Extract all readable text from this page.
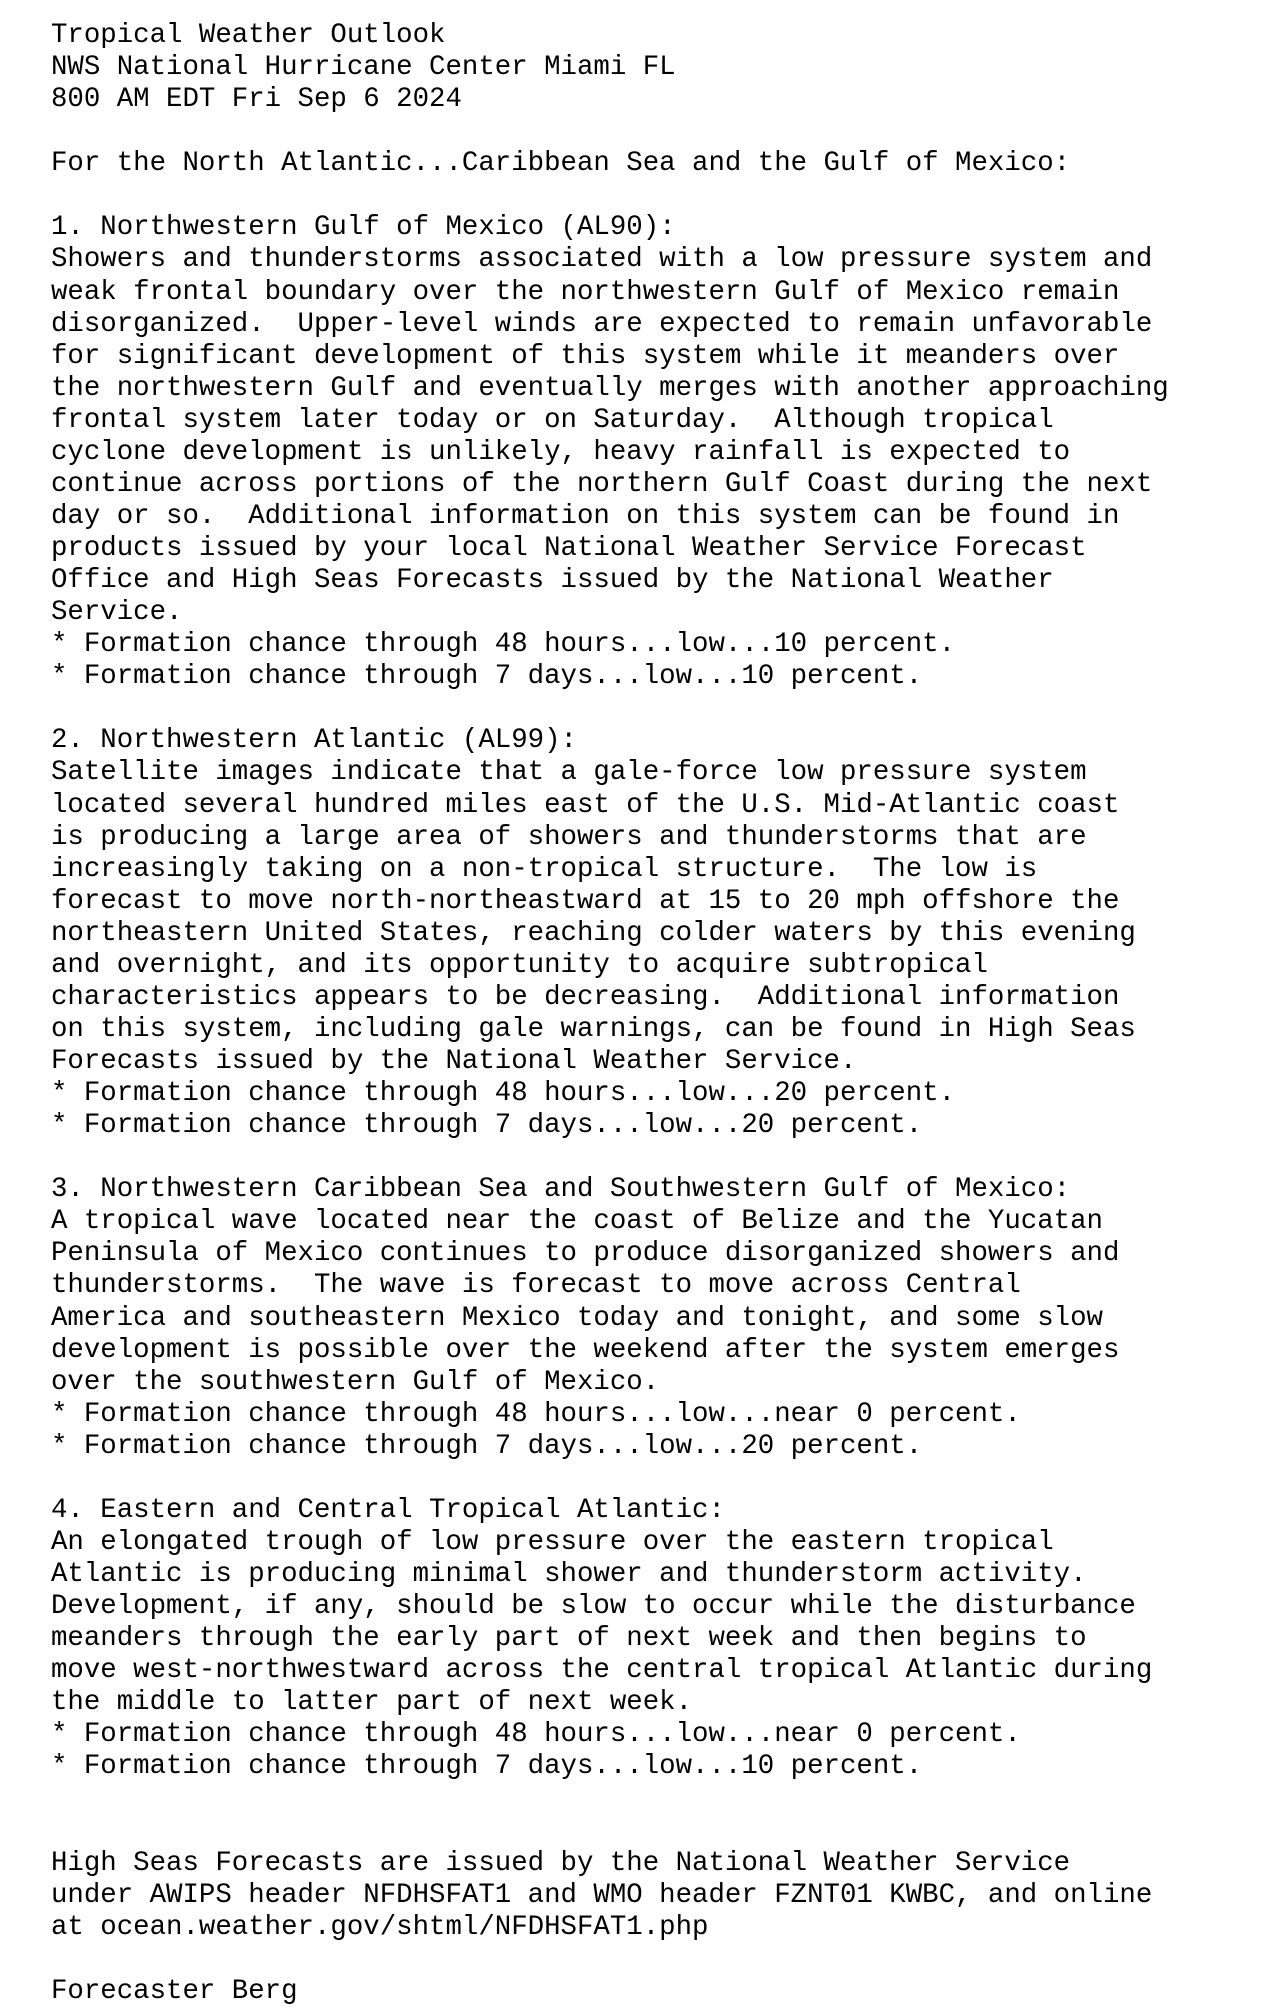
Tropical Weather Outlook
NWS National Hurricane Center Miami FL
800 AM EDT Fri Sep 6 2024
For the North Atlantic...Caribbean Sea and the Gulf of Mexico:
1. Northwestern Gulf of Mexico (AL90):
Showers and thunderstorms associated with a low pressure system and
weak frontal boundary over the northwestern Gulf of Mexico remain
disorganized.  Upper-level winds are expected to remain unfavorable
for significant development of this system while it meanders over
the northwestern Gulf and eventually merges with another approaching
frontal system later today or on Saturday.  Although tropical
cyclone development is unlikely, heavy rainfall is expected to
continue across portions of the northern Gulf Coast during the next
day or so.  Additional information on this system can be found in
products issued by your local National Weather Service Forecast
Office and High Seas Forecasts issued by the National Weather
Service.
* Formation chance through 48 hours...low...10 percent.
* Formation chance through 7 days...low...10 percent.
2. Northwestern Atlantic (AL99):
Satellite images indicate that a gale-force low pressure system
located several hundred miles east of the U.S. Mid-Atlantic coast
is producing a large area of showers and thunderstorms that are
increasingly taking on a non-tropical structure.  The low is
forecast to move north-northeastward at 15 to 20 mph offshore the
northeastern United States, reaching colder waters by this evening
and overnight, and its opportunity to acquire subtropical
characteristics appears to be decreasing.  Additional information
on this system, including gale warnings, can be found in High Seas
Forecasts issued by the National Weather Service.
* Formation chance through 48 hours...low...20 percent.
* Formation chance through 7 days...low...20 percent.
3. Northwestern Caribbean Sea and Southwestern Gulf of Mexico:
A tropical wave located near the coast of Belize and the Yucatan
Peninsula of Mexico continues to produce disorganized showers and
thunderstorms.  The wave is forecast to move across Central
America and southeastern Mexico today and tonight, and some slow
development is possible over the weekend after the system emerges
over the southwestern Gulf of Mexico.
* Formation chance through 48 hours...low...near 0 percent.
* Formation chance through 7 days...low...20 percent.
4. Eastern and Central Tropical Atlantic:
An elongated trough of low pressure over the eastern tropical
Atlantic is producing minimal shower and thunderstorm activity.
Development, if any, should be slow to occur while the disturbance
meanders through the early part of next week and then begins to
move west-northwestward across the central tropical Atlantic during
the middle to latter part of next week.
* Formation chance through 48 hours...low...near 0 percent.
* Formation chance through 7 days...low...10 percent.
High Seas Forecasts are issued by the National Weather Service
under AWIPS header NFDHSFAT1 and WMO header FZNT01 KWBC, and online
at ocean.weather.gov/shtml/NFDHSFAT1.php
Forecaster Berg
